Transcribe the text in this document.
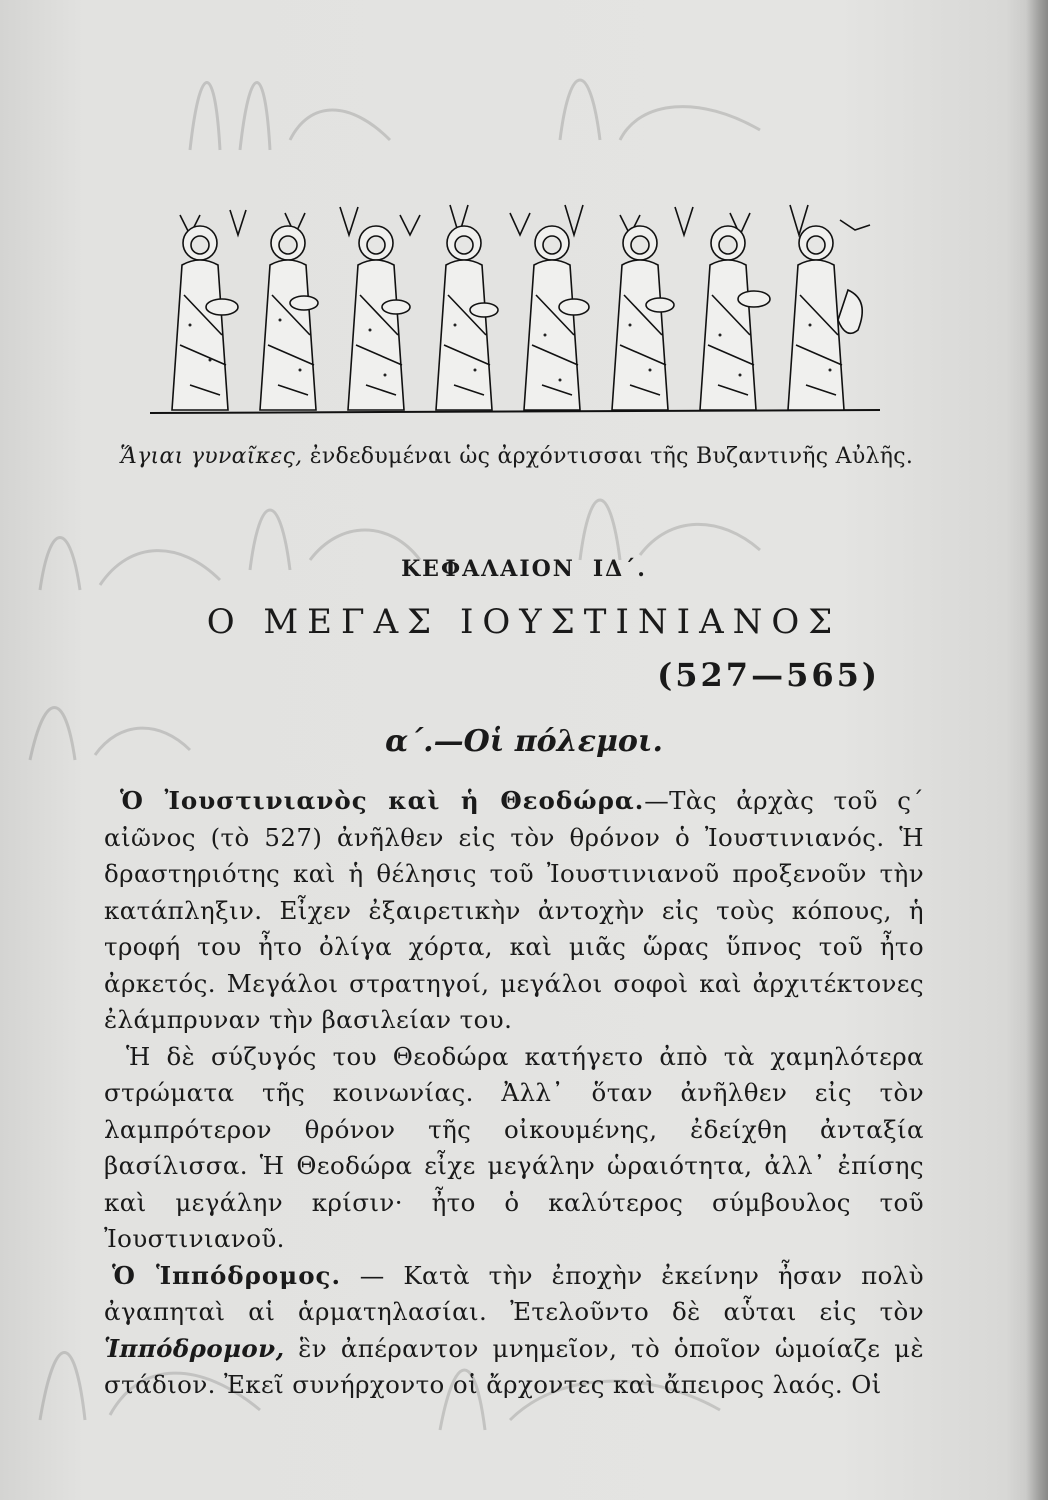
Ἅγιαι γυναῖκες, ἐνδεδυμέναι ὡς ἀρχόντισσαι τῆς Βυζαντινῆς Αὐλῆς.
ΚΕΦΑΛΑΙΟΝ ΙΔ΄.
Ο ΜΕΓΑΣ ΙΟΥΣΤΙΝΙΑΝΟΣ
(527—565)
α΄.—Οἱ πόλεμοι.

Ὁ Ἰουστινιανὸς καὶ ἡ Θεοδώρα.—Τὰς ἀρχὰς τοῦ ς΄ αἰῶνος (τὸ 527) ἀνῆλθεν εἰς τὸν θρόνον ὁ Ἰουστινιανός. Ἡ δραστηριότης καὶ ἡ θέλησις τοῦ Ἰουστινιανοῦ προξενοῦν τὴν κατάπληξιν. Εἶχεν ἐξαιρετικὴν ἀντοχὴν εἰς τοὺς κόπους, ἡ τροφή του ἦτο ὀλίγα χόρτα, καὶ μιᾶς ὥρας ὕπνος τοῦ ἦτο ἀρκετός. Μεγάλοι στρατηγοί, μεγάλοι σοφοὶ καὶ ἀρχιτέκτονες ἐλάμπρυναν τὴν βασιλείαν του.

Ἡ δὲ σύζυγός του Θεοδώρα κατήγετο ἀπὸ τὰ χαμηλότερα στρώματα τῆς κοινωνίας. Ἀλλ᾽ ὅταν ἀνῆλθεν εἰς τὸν λαμπρότερον θρόνον τῆς οἰκουμένης, ἐδείχθη ἀνταξία βασίλισσα. Ἡ Θεοδώρα εἶχε μεγάλην ὡραιότητα, ἀλλ᾽ ἐπίσης καὶ μεγάλην κρίσιν· ἦτο ὁ καλύτερος σύμβουλος τοῦ Ἰουστινιανοῦ.

Ὁ Ἱππόδρομος. — Κατὰ τὴν ἐποχὴν ἐκείνην ἦσαν πολὺ ἀγαπηταὶ αἱ ἁρματηλασίαι. Ἐτελοῦντο δὲ αὗται εἰς τὸν Ἱππόδρομον, ἓν ἀπέραντον μνημεῖον, τὸ ὁποῖον ὡμοίαζε μὲ στάδιον. Ἐκεῖ συνήρχοντο οἱ ἄρχοντες καὶ ἄπειρος λαός. Οἱ
